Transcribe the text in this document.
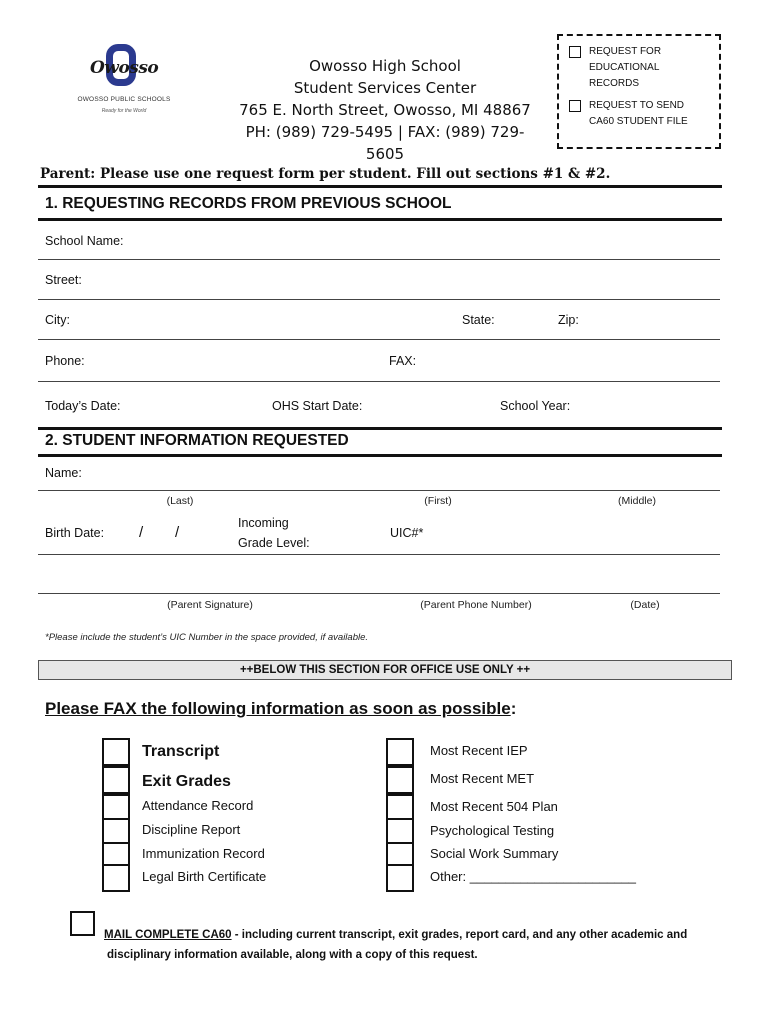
Owosso
OWOSSO PUBLIC SCHOOLS
Ready for the World
Owosso High School
Student Services Center
765 E. North Street, Owosso, MI 48867
PH: (989) 729-5495 | FAX: (989) 729-5605
REQUEST FOR EDUCATIONAL RECORDS
REQUEST TO SEND CA60 STUDENT FILE
Parent: Please use one request form per student. Fill out sections #1 & #2.
1. REQUESTING RECORDS FROM PREVIOUS SCHOOL
School Name:
Street:
City:	State:	Zip:
Phone:	FAX:
Today’s Date:	OHS Start Date:	School Year:
2. STUDENT INFORMATION REQUESTED
Name:
(Last)	(First)	(Middle)
Birth Date: / /
Incoming
Grade Level:
UIC#*
(Parent Signature)	(Parent Phone Number)	(Date)
*Please include the student’s UIC Number in the space provided, if available.
++BELOW THIS SECTION FOR OFFICE USE ONLY ++
Please FAX the following information as soon as possible:
Transcript
Exit Grades
Attendance Record
Discipline Report
Immunization Record
Legal Birth Certificate
Most Recent IEP
Most Recent MET
Most Recent 504 Plan
Psychological Testing
Social Work Summary
Other: _______________________
MAIL COMPLETE CA60 - including current transcript, exit grades, report card, and any other academic and
disciplinary information available, along with a copy of this request.
